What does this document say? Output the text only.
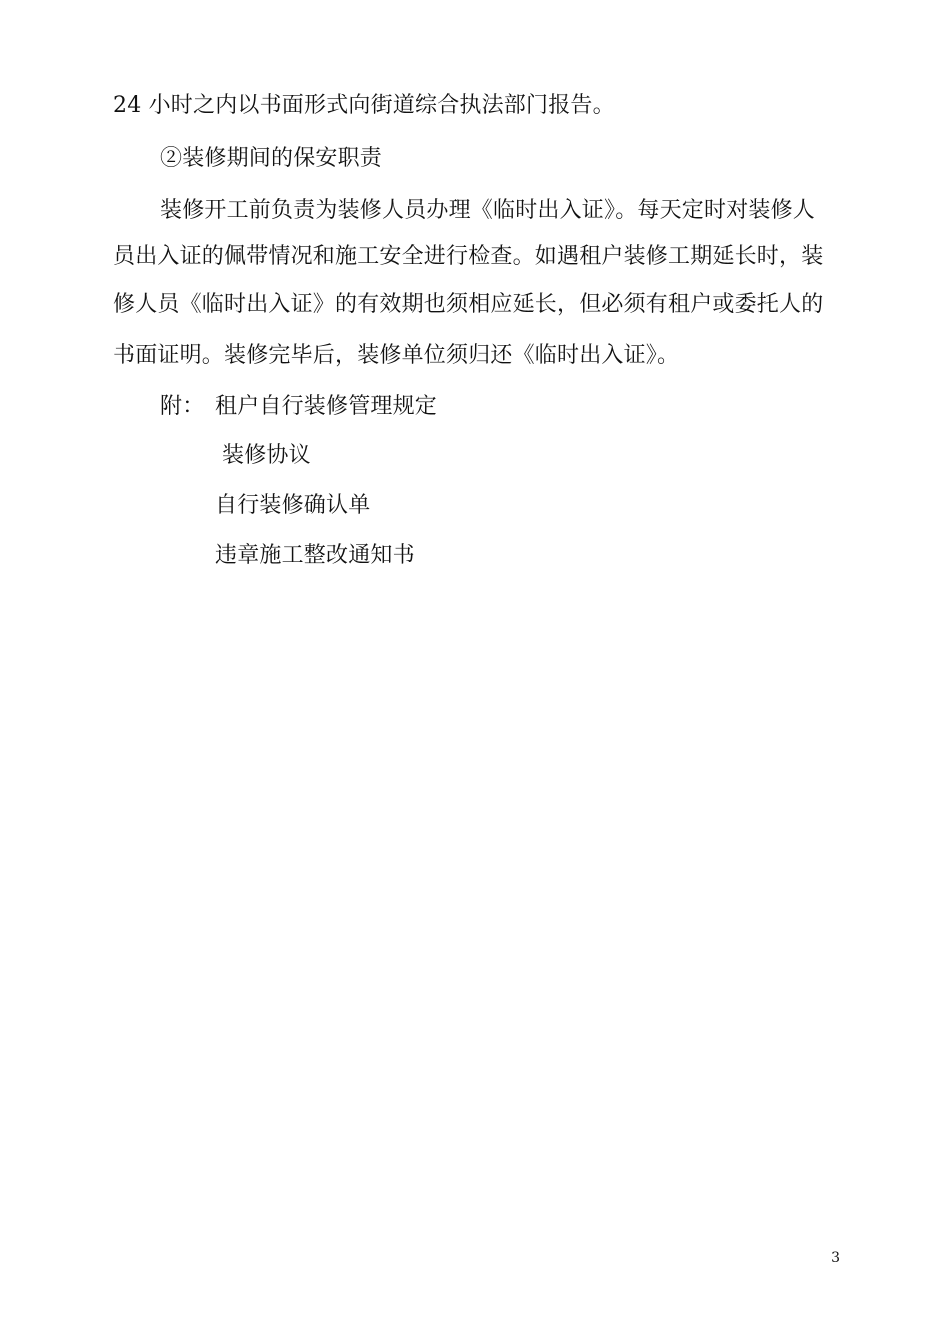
24 小时之内以书面形式向街道综合执法部门报告。
②装修期间的保安职责
装修开工前负责为装修人员办理《临时出入证》。每天定时对装修人
员出入证的佩带情况和施工安全进行检查。如遇租户装修工期延长时，装
修人员《临时出入证》的有效期也须相应延长，但必须有租户或委托人的
书面证明。装修完毕后，装修单位须归还《临时出入证》。
附： 租户自行装修管理规定
装修协议
自行装修确认单
违章施工整改通知书
3
